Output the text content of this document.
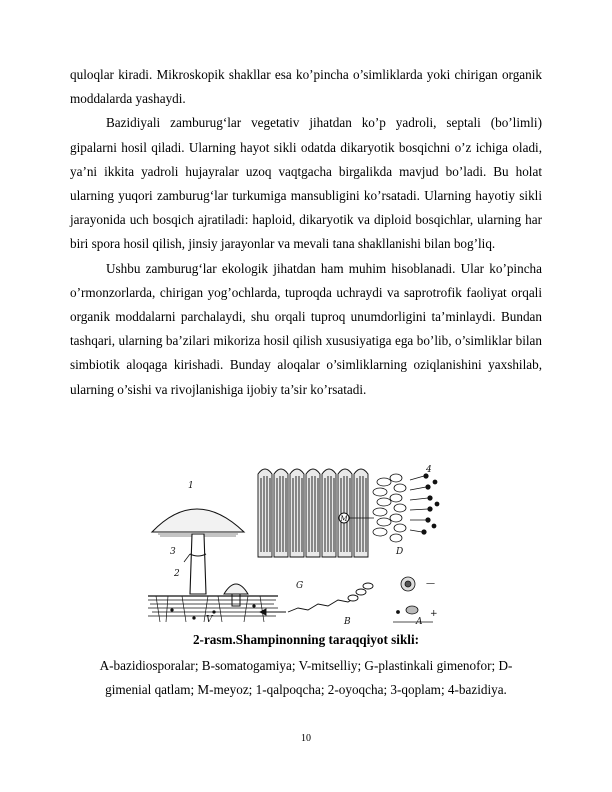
quloqlar kiradi. Mikroskopik shakllar esa ko’pincha o’simliklarda yoki chirigan organik moddalarda yashaydi.

Bazidiyali zamburug‘lar vegetativ jihatdan ko’p yadroli, septali (bo’limli) gipalarni hosil qiladi. Ularning hayot sikli odatda dikaryotik bosqichni o’z ichiga oladi, ya’ni ikkita yadroli hujayralar uzoq vaqtgacha birgalikda mavjud bo’ladi. Bu holat ularning yuqori zamburug‘lar turkumiga mansubligini ko’rsatadi. Ularning hayotiy sikli jarayonida uch bosqich ajratiladi: haploid, dikaryotik va diploid bosqichlar, ularning har biri spora hosil qilish, jinsiy jarayonlar va mevali tana shakllanishi bilan bog’liq.

Ushbu zamburug‘lar ekologik jihatdan ham muhim hisoblanadi. Ular ko’pincha o’rmonzorlarda, chirigan yog’ochlarda, tuproqda uchraydi va saprotrofik faoliyat orqali organik moddalarni parchalaydi, shu orqali tuproq unumdorligini ta’minlaydi. Bundan tashqari, ularning ba’zilari mikoriza hosil qilish xususiyatiga ega bo’lib, o’simliklar bilan simbiotik aloqaga kirishadi. Bunday aloqalar o’simliklarning oziqlanishini yaxshilab, ularning o’sishi va rivojlanishiga ijobiy ta’sir ko’rsatadi.

M
1
3
2
4
G
D
V	B	A
—
+
2-rasm.Shampinonning taraqqiyot sikli:
A-bazidiosporalar; B-somatogamiya; V-mitselliy; G-plastinkali gimenofor; D-gimenial qatlam; M-meyoz; 1-qalpoqcha; 2-oyoqcha; 3-qoplam; 4-bazidiya.
10
